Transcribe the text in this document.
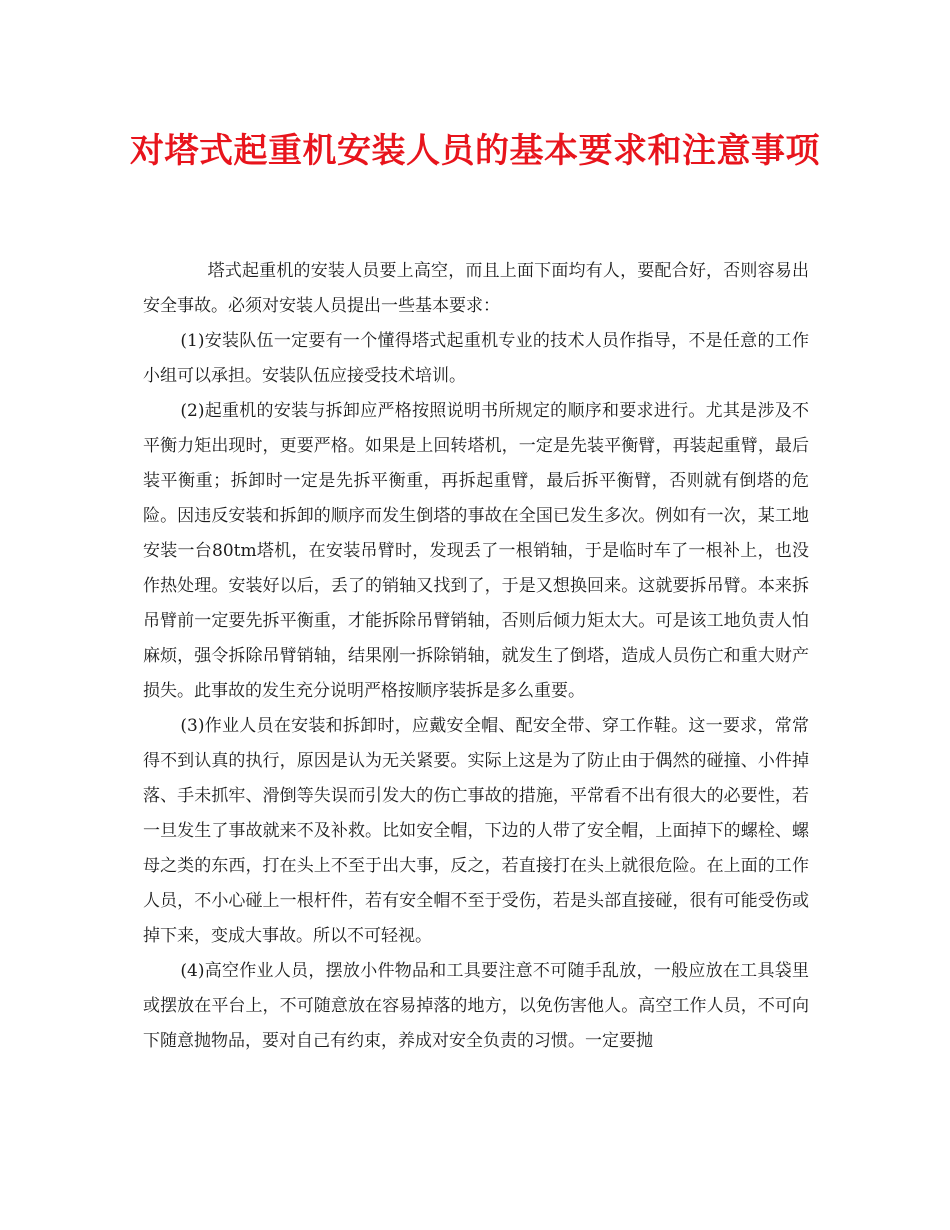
对塔式起重机安装人员的基本要求和注意事项

塔式起重机的安装人员要上高空，而且上面下面均有人，要配合好，否则容易出安全事故。必须对安装人员提出一些基本要求：

(1)安装队伍一定要有一个懂得塔式起重机专业的技术人员作指导，不是任意的工作小组可以承担。安装队伍应接受技术培训。

(2)起重机的安装与拆卸应严格按照说明书所规定的顺序和要求进行。尤其是涉及不平衡力矩出现时，更要严格。如果是上回转塔机，一定是先装平衡臂，再装起重臂，最后装平衡重；拆卸时一定是先拆平衡重，再拆起重臂，最后拆平衡臂，否则就有倒塔的危险。因违反安装和拆卸的顺序而发生倒塔的事故在全国已发生多次。例如有一次，某工地安装一台80tm塔机，在安装吊臂时，发现丢了一根销轴，于是临时车了一根补上，也没作热处理。安装好以后，丢了的销轴又找到了，于是又想换回来。这就要拆吊臂。本来拆吊臂前一定要先拆平衡重，才能拆除吊臂销轴，否则后倾力矩太大。可是该工地负责人怕麻烦，强令拆除吊臂销轴，结果刚一拆除销轴，就发生了倒塔，造成人员伤亡和重大财产损失。此事故的发生充分说明严格按顺序装拆是多么重要。

(3)作业人员在安装和拆卸时，应戴安全帽、配安全带、穿工作鞋。这一要求，常常得不到认真的执行，原因是认为无关紧要。实际上这是为了防止由于偶然的碰撞、小件掉落、手未抓牢、滑倒等失误而引发大的伤亡事故的措施，平常看不出有很大的必要性，若一旦发生了事故就来不及补救。比如安全帽，下边的人带了安全帽，上面掉下的螺栓、螺母之类的东西，打在头上不至于出大事，反之，若直接打在头上就很危险。在上面的工作人员，不小心碰上一根杆件，若有安全帽不至于受伤，若是头部直接碰，很有可能受伤或掉下来，变成大事故。所以不可轻视。

(4)高空作业人员，摆放小件物品和工具要注意不可随手乱放，一般应放在工具袋里或摆放在平台上，不可随意放在容易掉落的地方，以免伤害他人。高空工作人员，不可向下随意抛物品，要对自己有约束，养成对安全负责的习惯。一定要抛
